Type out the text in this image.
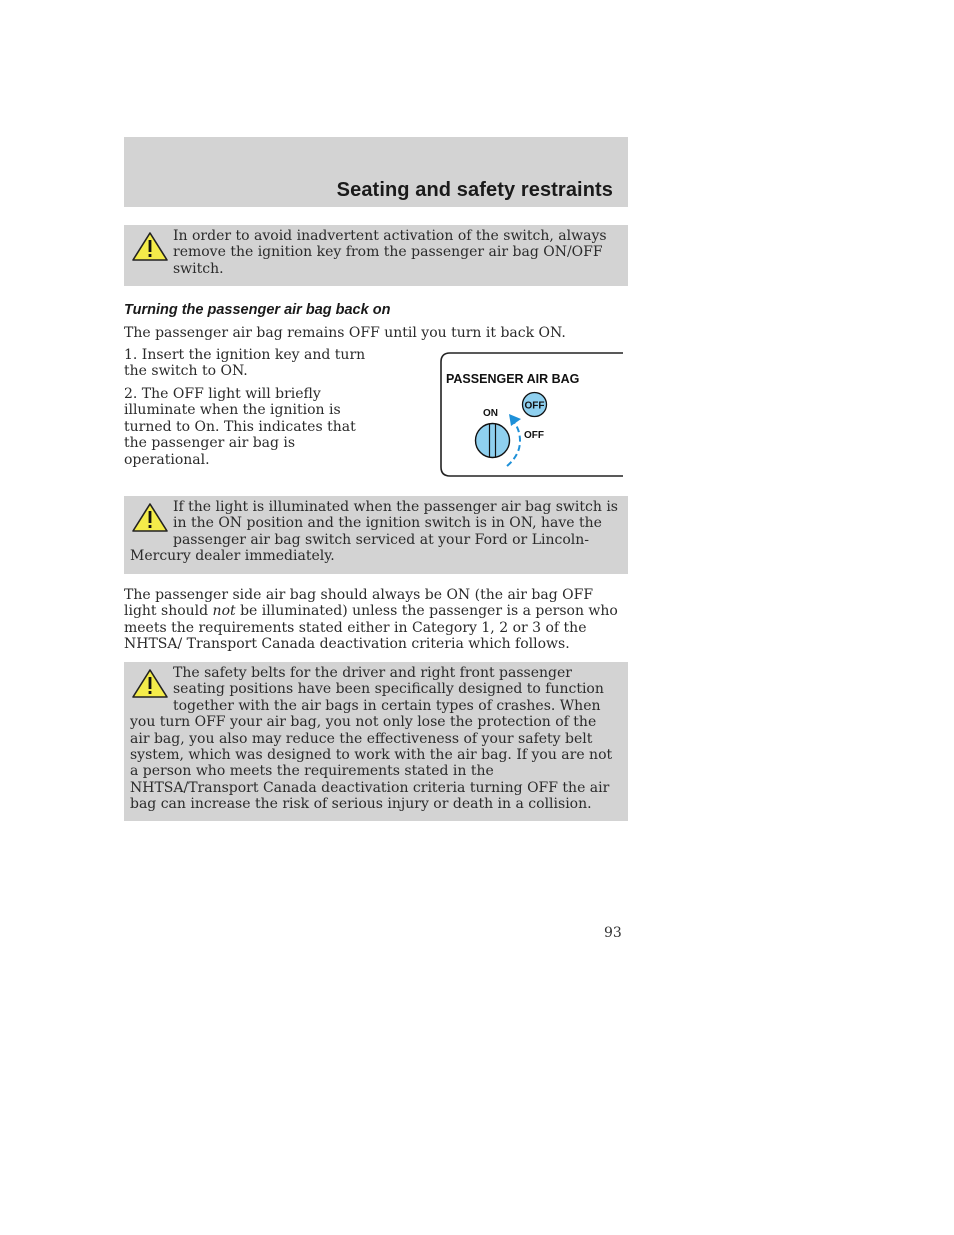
Seating and safety restraints

In order to avoid inadvertent activation of the switch, always remove the ignition key from the passenger air bag ON/OFF switch.

Turning the passenger air bag back on

The passenger air bag remains OFF until you turn it back ON.

1. Insert the ignition key and turn the switch to ON.

2. The OFF light will briefly illuminate when the ignition is turned to On. This indicates that the passenger air bag is operational.

PASSENGER AIR BAG
ON
OFF
OFF

If the light is illuminated when the passenger air bag switch is in the ON position and the ignition switch is in ON, have the passenger air bag switch serviced at your Ford or Lincoln-Mercury dealer immediately.

The passenger side air bag should always be ON (the air bag OFF light should not be illuminated) unless the passenger is a person who meets the requirements stated either in Category 1, 2 or 3 of the NHTSA/ Transport Canada deactivation criteria which follows.

The safety belts for the driver and right front passenger seating positions have been specifically designed to function together with the air bags in certain types of crashes. When you turn OFF your air bag, you not only lose the protection of the air bag, you also may reduce the effectiveness of your safety belt system, which was designed to work with the air bag. If you are not a person who meets the requirements stated in the NHTSA/Transport Canada deactivation criteria turning OFF the air bag can increase the risk of serious injury or death in a collision.

93
